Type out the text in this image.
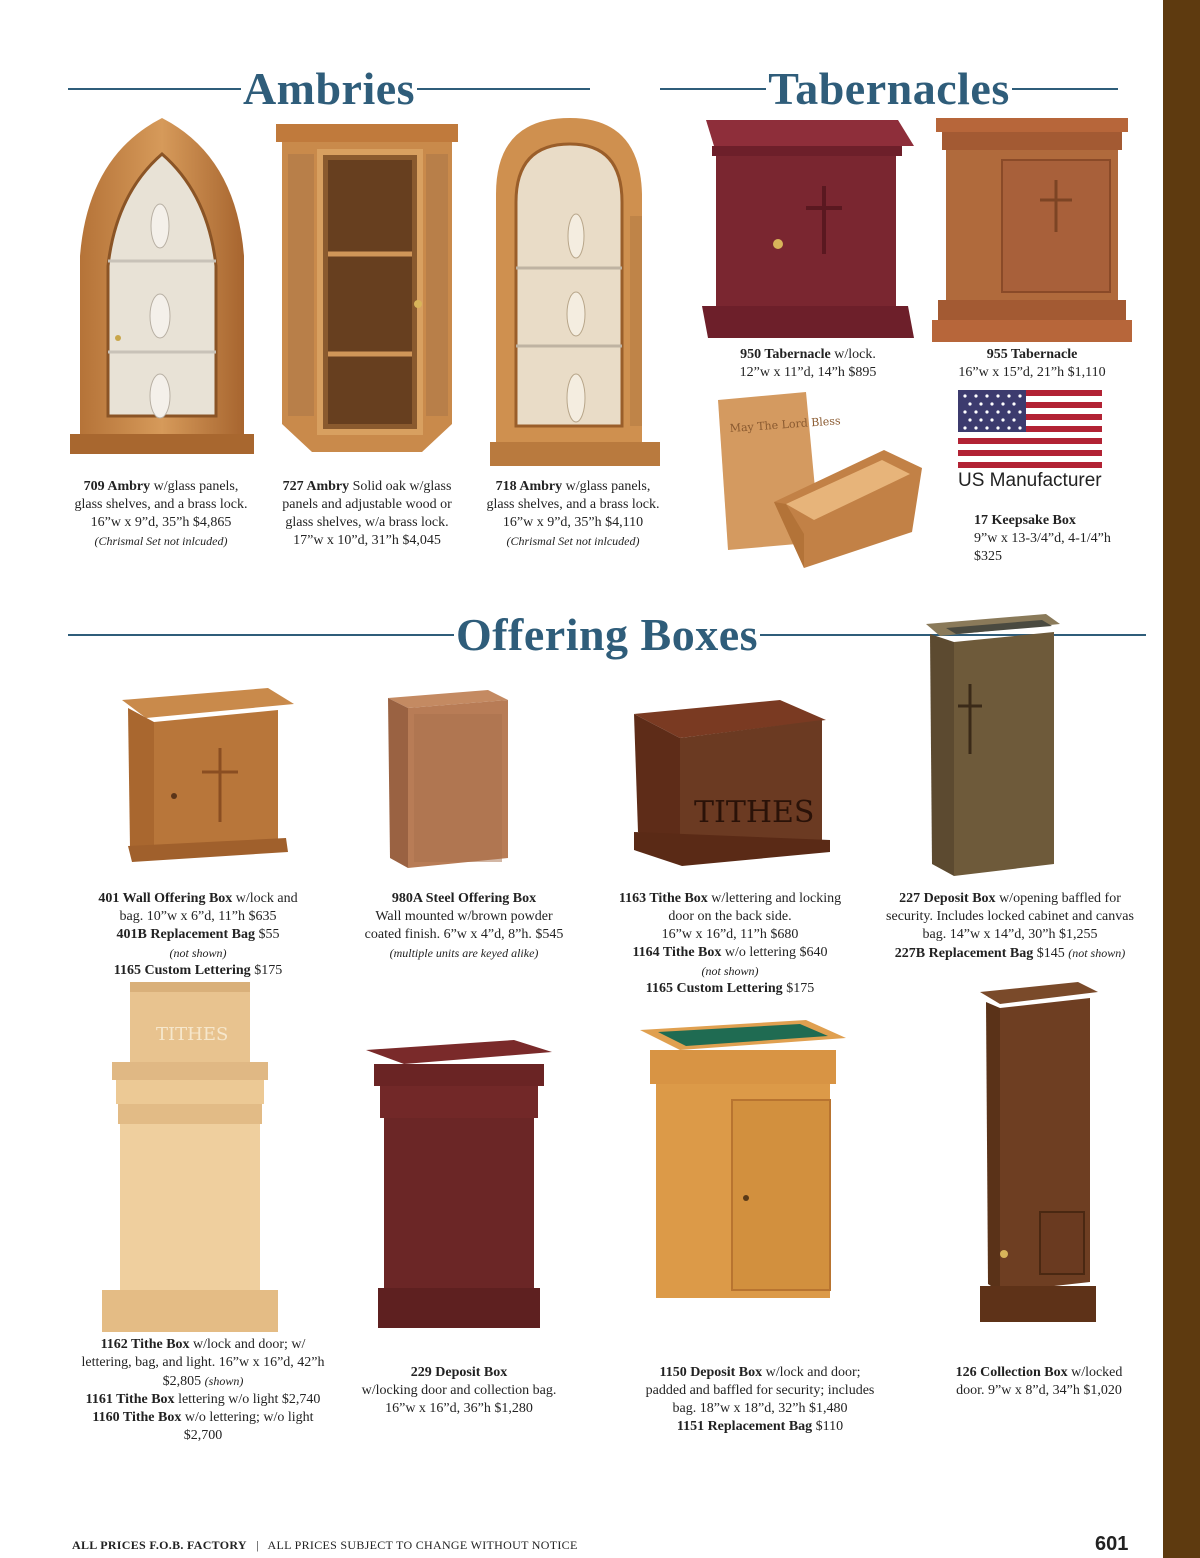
Ambries	Tabernacles
Offering Boxes
May The Lord Bless
US Manufacturer
709 Ambry w/glass panels,
glass shelves, and a brass lock.
16”w x 9”d, 35”h $4,865
(Chrismal Set not inlcuded)
727 Ambry Solid oak w/glass
panels and adjustable wood or
glass shelves, w/a brass lock.
17”w x 10”d, 31”h $4,045
718 Ambry w/glass panels,
glass shelves, and a brass lock.
16”w x 9”d, 35”h $4,110
(Chrismal Set not inlcuded)
950 Tabernacle w/lock.
12”w x 11”d, 14”h $895
955 Tabernacle
16”w x 15”d, 21”h $1,110
17 Keepsake Box
9”w x 13-3/4”d, 4-1/4”h
$325
TITHES
401 Wall Offering Box w/lock and
bag. 10”w x 6”d, 11”h $635
401B Replacement Bag $55
(not shown)
1165 Custom Lettering $175
980A Steel Offering Box
Wall mounted w/brown powder
coated finish. 6”w x 4”d, 8”h. $545
(multiple units are keyed alike)
1163 Tithe Box w/lettering and locking
door on the back side.
16”w x 16”d, 11”h $680
1164 Tithe Box w/o lettering $640
(not shown)
1165 Custom Lettering $175
227 Deposit Box w/opening baffled for
security. Includes locked cabinet and canvas
bag. 14”w x 14”d, 30”h $1,255
227B Replacement Bag $145 (not shown)
TITHES
1162 Tithe Box w/lock and door; w/
lettering, bag, and light. 16”w x 16”d, 42”h
$2,805 (shown)
1161 Tithe Box lettering w/o light $2,740
1160 Tithe Box w/o lettering; w/o light
$2,700
229 Deposit Box
w/locking door and collection bag.
16”w x 16”d, 36”h $1,280
1150 Deposit Box w/lock and door;
padded and baffled for security; includes
bag. 18”w x 18”d, 32”h $1,480
1151 Replacement Bag $110
126 Collection Box w/locked
door. 9”w x 8”d, 34”h $1,020
ALL PRICES F.O.B. FACTORY | ALL PRICES SUBJECT TO CHANGE WITHOUT NOTICE	601
